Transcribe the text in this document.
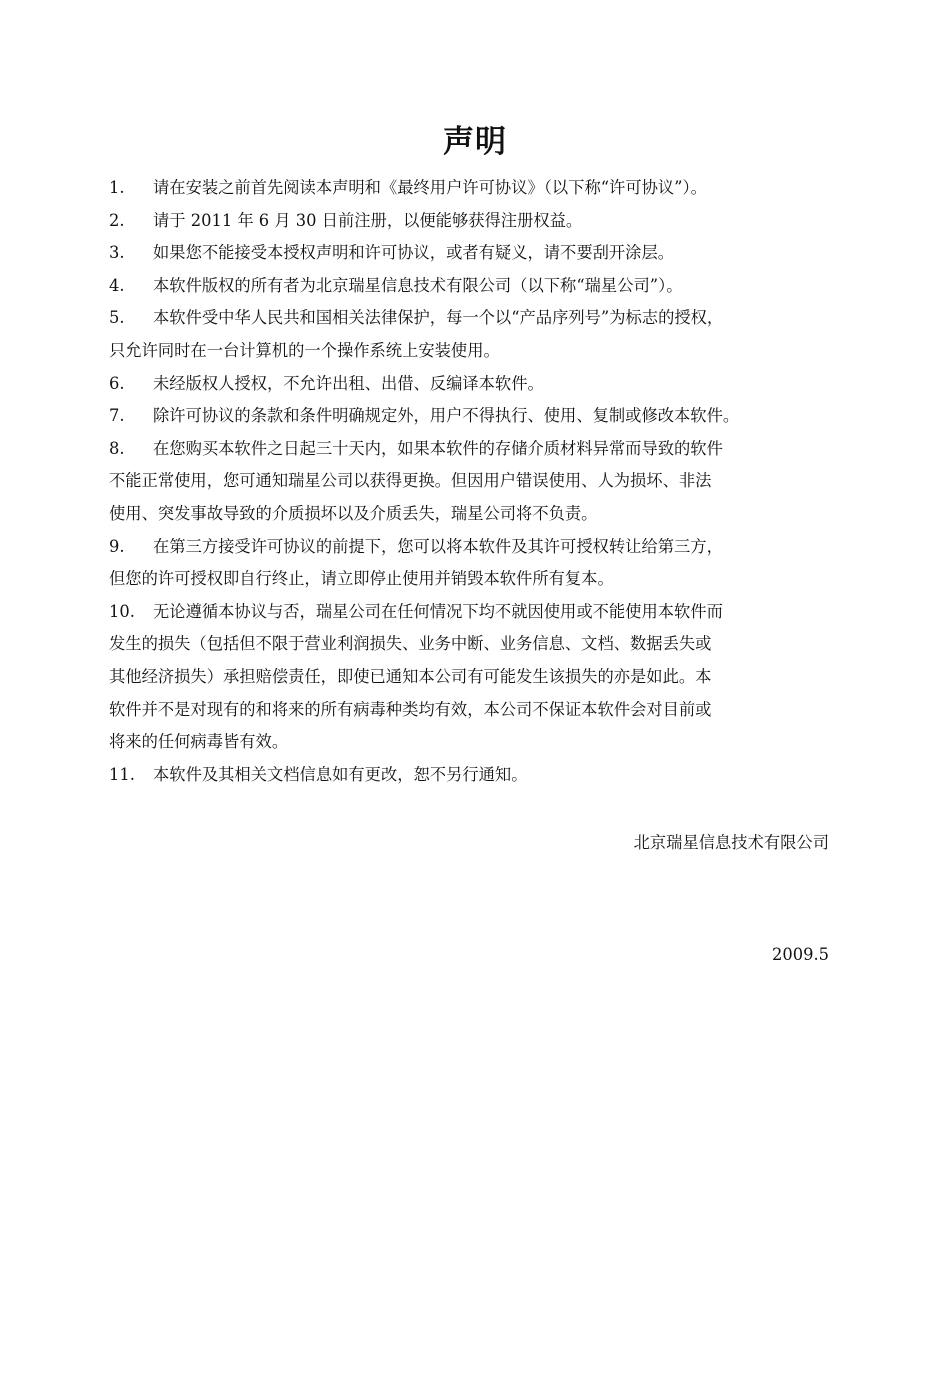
声明
1. 请在安装之前首先阅读本声明和《最终用户许可协议》（以下称“许可协议”）。
2. 请于 2011 年 6 月 30 日前注册，以便能够获得注册权益。
3. 如果您不能接受本授权声明和许可协议，或者有疑义，请不要刮开涂层。
4. 本软件版权的所有者为北京瑞星信息技术有限公司（以下称“瑞星公司”）。
5. 本软件受中华人民共和国相关法律保护，每一个以“产品序列号”为标志的授权，
只允许同时在一台计算机的一个操作系统上安装使用。
6. 未经版权人授权，不允许出租、出借、反编译本软件。
7. 除许可协议的条款和条件明确规定外，用户不得执行、使用、复制或修改本软件。
8. 在您购买本软件之日起三十天内，如果本软件的存储介质材料异常而导致的软件
不能正常使用，您可通知瑞星公司以获得更换。但因用户错误使用、人为损坏、非法
使用、突发事故导致的介质损坏以及介质丢失，瑞星公司将不负责。
9. 在第三方接受许可协议的前提下，您可以将本软件及其许可授权转让给第三方，
但您的许可授权即自行终止，请立即停止使用并销毁本软件所有复本。
10. 无论遵循本协议与否，瑞星公司在任何情况下均不就因使用或不能使用本软件而
发生的损失（包括但不限于营业利润损失、业务中断、业务信息、文档、数据丢失或
其他经济损失）承担赔偿责任，即使已通知本公司有可能发生该损失的亦是如此。本
软件并不是对现有的和将来的所有病毒种类均有效，本公司不保证本软件会对目前或
将来的任何病毒皆有效。
11. 本软件及其相关文档信息如有更改，恕不另行通知。
北京瑞星信息技术有限公司
2009.5
